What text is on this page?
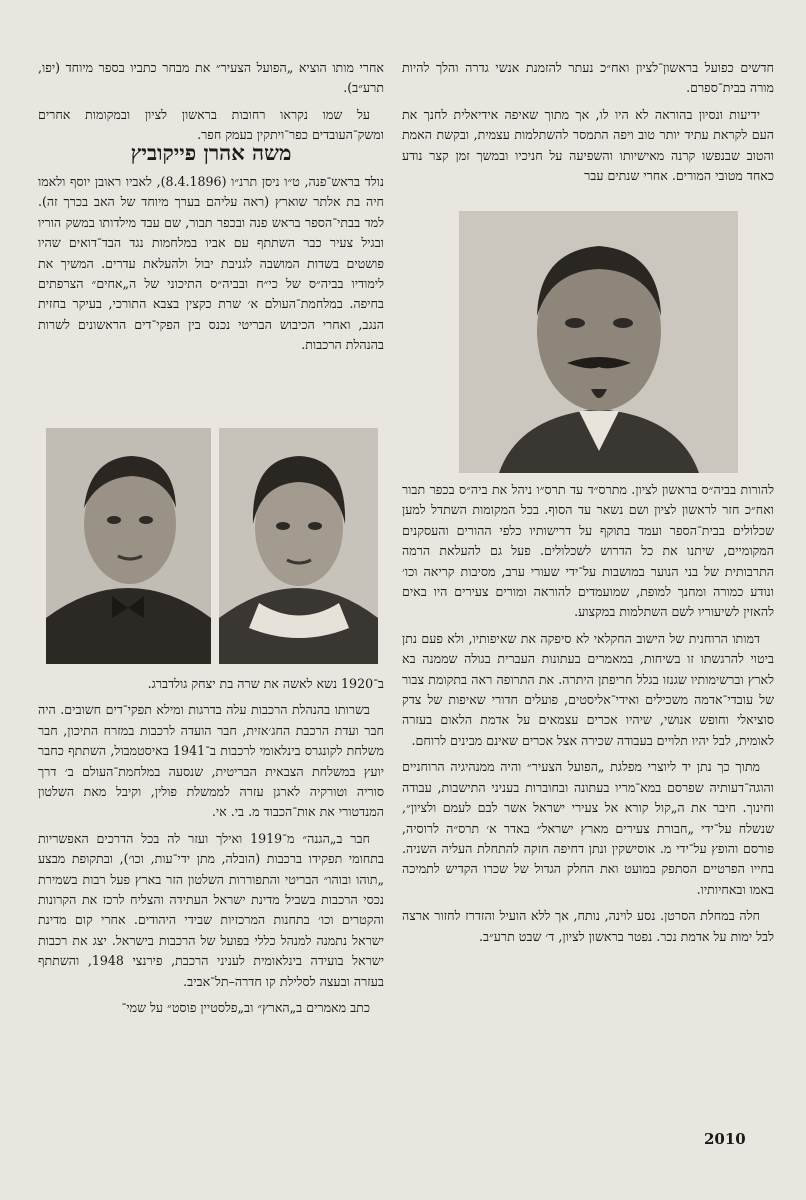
חדשים כפועל בראשון־לציון ואח״כ נעתר להזמנת אנשי גדרה והלך להיות מורה בבית־ספרם.

ידיעות ונסיון בהוראה לא היו לו, אך מתוך שאיפה אידיאלית לחנך את העם לקראת עתיד יותר טוב ויפה התמסר להשתלמות עצמית, ובקשת האמת והטוב שבנפשו קרנה מאישיותו והשפיעה על חניכיו ובמשך זמן קצר נודע כאחד מטובי המורים. אחרי שנתים עבר

להורות בביה״ס בראשון לציון. מתרס״ד עד תרס״ו ניהל את ביה״ס בכפר תבור ואח״כ חזר לראשון לציון ושם נשאר עד הסוף. בכל המקומות השתדל למען שכלולים בבית־הספר ועמד בתוקף על דרישותיו כלפי ההורים והעסקנים המקומיים, שיתנו את כל הדרוש לשכלולים. פעל גם להעלאת הרמה התרבותית של בני הנוער במושבות על־ידי שעורי ערב, מסיבות קריאה וכו׳ ונודע כמורה ומחנך למופת, שמועמדים להוראה ומורים צעירים היו באים להאזין לשיעוריו לשם השתלמות במקצוע.

דמותו הרוחנית של הישוב החקלאי לא סיפקה את שאיפותיו, ולא פעם נתן ביטוי להרגשתו זו בשיחות, במאמרים בעתונות העברית בגולה שממנה בא לארץ וברשימותיו שגנזו בגלל חריפתן היתרה. את התרופה ראה בתקומת צבור של עובדי־אדמה משכילים ואידי־אליסטים, פועלים חדורי שאיפות של צדק סוציאלי וחופש אנושי, שיהיו אכרים עצמאים על אדמת הלאום בעזרה לאומית, לבל יהיו תלויים בעבודה שכירה אצל אכרים שאינם מבינים לרוחם.

מתוך כך נתן יד ליוצרי מפלגת „הפועל הצעיר״ והיה ממנהיגיה הרוחניים והוגה־דעותיה שפרסם במא־מריו בעתונה ובחוברות בעניני התישבות, עבודה וחינוך. חיבר את ה„קול קורא אל צעירי ישראל אשר לבם לעמם ולציון״, שנשלח על־ידי „חבורת צעירים מארץ ישראל״ באדר א׳ תרס״ה לרוסיה, פורסם והופץ על־ידי מ. אוסישקין ונתן דחיפה חזקה להתחלת העליה השניה. בחייו הפרטיים הסתפק במועט ואת החלק הגדול של שכרו הקדיש לתמיכה באמו ובאחיותיו.

חלה במחלת הסרטן. נסע לוינה, נותח, אך ללא הועיל והזדרז לחזור ארצה לבל ימות על אדמת נכר. נפטר בראשון לציון, ד׳ שבט תרע״ב.

אחרי מותו הוציא „הפועל הצעיר״ את מבחר כתביו בספר מיוחד (יפו, תרע״ב).

על שמו נקראו רחובות בראשון לציון ובמקומות אחרים ומשק־העובדים כפר־ויתקין בעמק חפר.

משה אהרן פייקוביץ

נולד בראש־פנה, ט״ו ניסן תרנ״ו (8.4.1896), לאביו ראובן יוסף ולאמו חיה בת אלתר שוארץ (ראה עליהם בערך מיוחד של האב בכרך זה). למד בבתי־הספר בראש פנה ובכפר תבור, שם עבד מילדותו במשק הוריו ובגיל צעיר כבר השתתף עם אביו במלחמות נגד הבד־דואים שהיו פושטים בשדות המושבה לגניבת יבול ולהעלאת עדרים. המשיך את לימודיו בביה״ס של כי״ח ובביה״ס התיכוני של ה„אחים״ הצרפתים בחיפה. במלחמת־העולם א׳ שרת כקצין בצבא התורכי, בעיקר בחזית הנגב, ואחרי הכיבוש הבריטי נכנס בין הפקי־דים הראשונים לשרות בהנהלת הרכבות.

ב־1920 נשא לאשה את שרה בת יצחק גולדברג.

בשרותו בהנהלת הרכבות עלה בדרגות ומילא תפקי־דים חשובים. היה חבר ועדת הרכבת החג׳אזית, חבר הועדה לרכבות במזרח התיכון, חבר משלחת לקונגרס בינלאומי לרכבות ב־1941 באיסטמבול, השתתף כחבר יועץ במשלחת הצבאית הבריטית, שנסעה במלחמת־העולם ב׳ דרך סוריה וטורקיה לארגן עזרה לממשלת פולין, וקיבל מאת השלטון המנדטורי את אות־הכבוד מ. בי. אי.

חבר ב„הגנה״ מ־1919 ואילך ועזר לה בכל הדרכים האפשריות בתחומי תפקידו ברכבות (הובלה, מתן ידי־עות, וכו׳), ובתקופת מבצע „תוהו ובוהו״ הבריטי והתפוררות השלטון הזר בארץ פעל רבות בשמירת נכסי הרכבות בשביל מדינת ישראל העתידה והצליח לרכז את הקרונות והקטרים וכו׳ בתחנות המרכזיות שבידי היהודים. אחרי קום מדינת ישראל נתמנה למנהל כללי בפועל של הרכבות בישראל. יצג את רכבות ישראל בועידה בינלאומית לעניני הרכבת, פירנצי 1948, והשתתף בעזרה ובעצה לסלילת קו חדרה–תל־אביב.

כתב מאמרים ב„הארץ״ וב„פלסטיין פוסט״ על שמי־

2010
